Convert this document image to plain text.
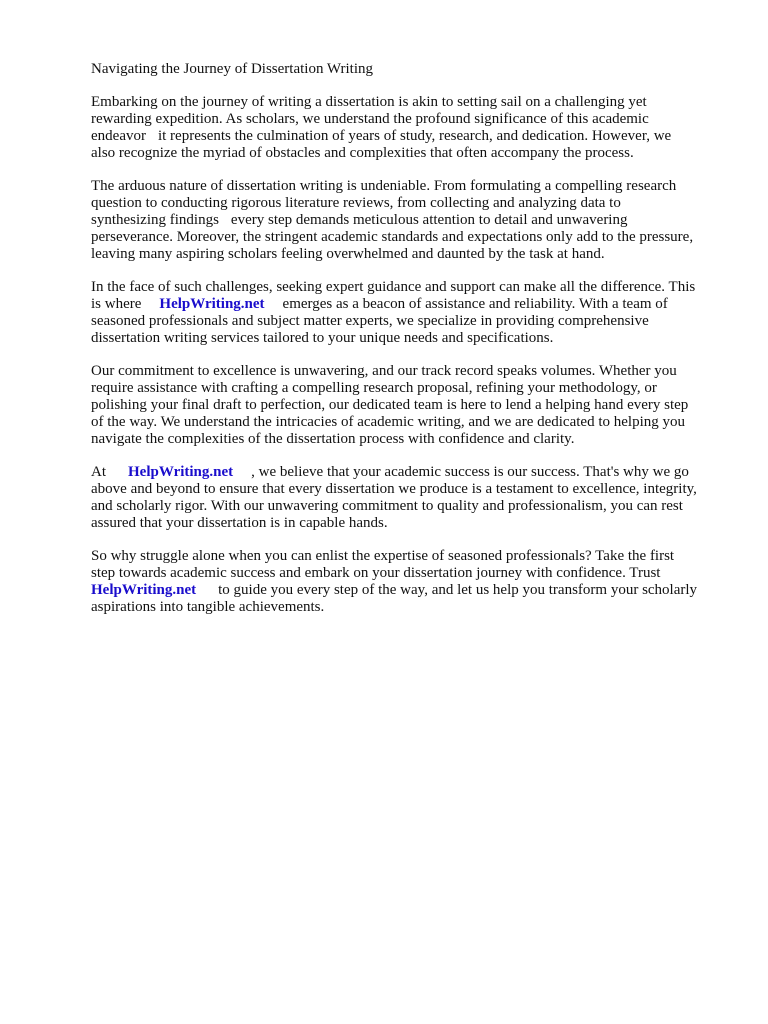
Navigating the Journey of Dissertation Writing

Embarking on the journey of writing a dissertation is akin to setting sail on a challenging yet
rewarding expedition. As scholars, we understand the profound significance of this academic
endeavor it represents the culmination of years of study, research, and dedication. However, we
also recognize the myriad of obstacles and complexities that often accompany the process.

The arduous nature of dissertation writing is undeniable. From formulating a compelling research
question to conducting rigorous literature reviews, from collecting and analyzing data to
synthesizing findings every step demands meticulous attention to detail and unwavering
perseverance. Moreover, the stringent academic standards and expectations only add to the pressure,
leaving many aspiring scholars feeling overwhelmed and daunted by the task at hand.

In the face of such challenges, seeking expert guidance and support can make all the difference. This
is where HelpWriting.net emerges as a beacon of assistance and reliability. With a team of
seasoned professionals and subject matter experts, we specialize in providing comprehensive
dissertation writing services tailored to your unique needs and specifications.

Our commitment to excellence is unwavering, and our track record speaks volumes. Whether you
require assistance with crafting a compelling research proposal, refining your methodology, or
polishing your final draft to perfection, our dedicated team is here to lend a helping hand every step
of the way. We understand the intricacies of academic writing, and we are dedicated to helping you
navigate the complexities of the dissertation process with confidence and clarity.

At HelpWriting.net , we believe that your academic success is our success. That's why we go
above and beyond to ensure that every dissertation we produce is a testament to excellence, integrity,
and scholarly rigor. With our unwavering commitment to quality and professionalism, you can rest
assured that your dissertation is in capable hands.

So why struggle alone when you can enlist the expertise of seasoned professionals? Take the first
step towards academic success and embark on your dissertation journey with confidence. Trust
HelpWriting.net to guide you every step of the way, and let us help you transform your scholarly
aspirations into tangible achievements.
